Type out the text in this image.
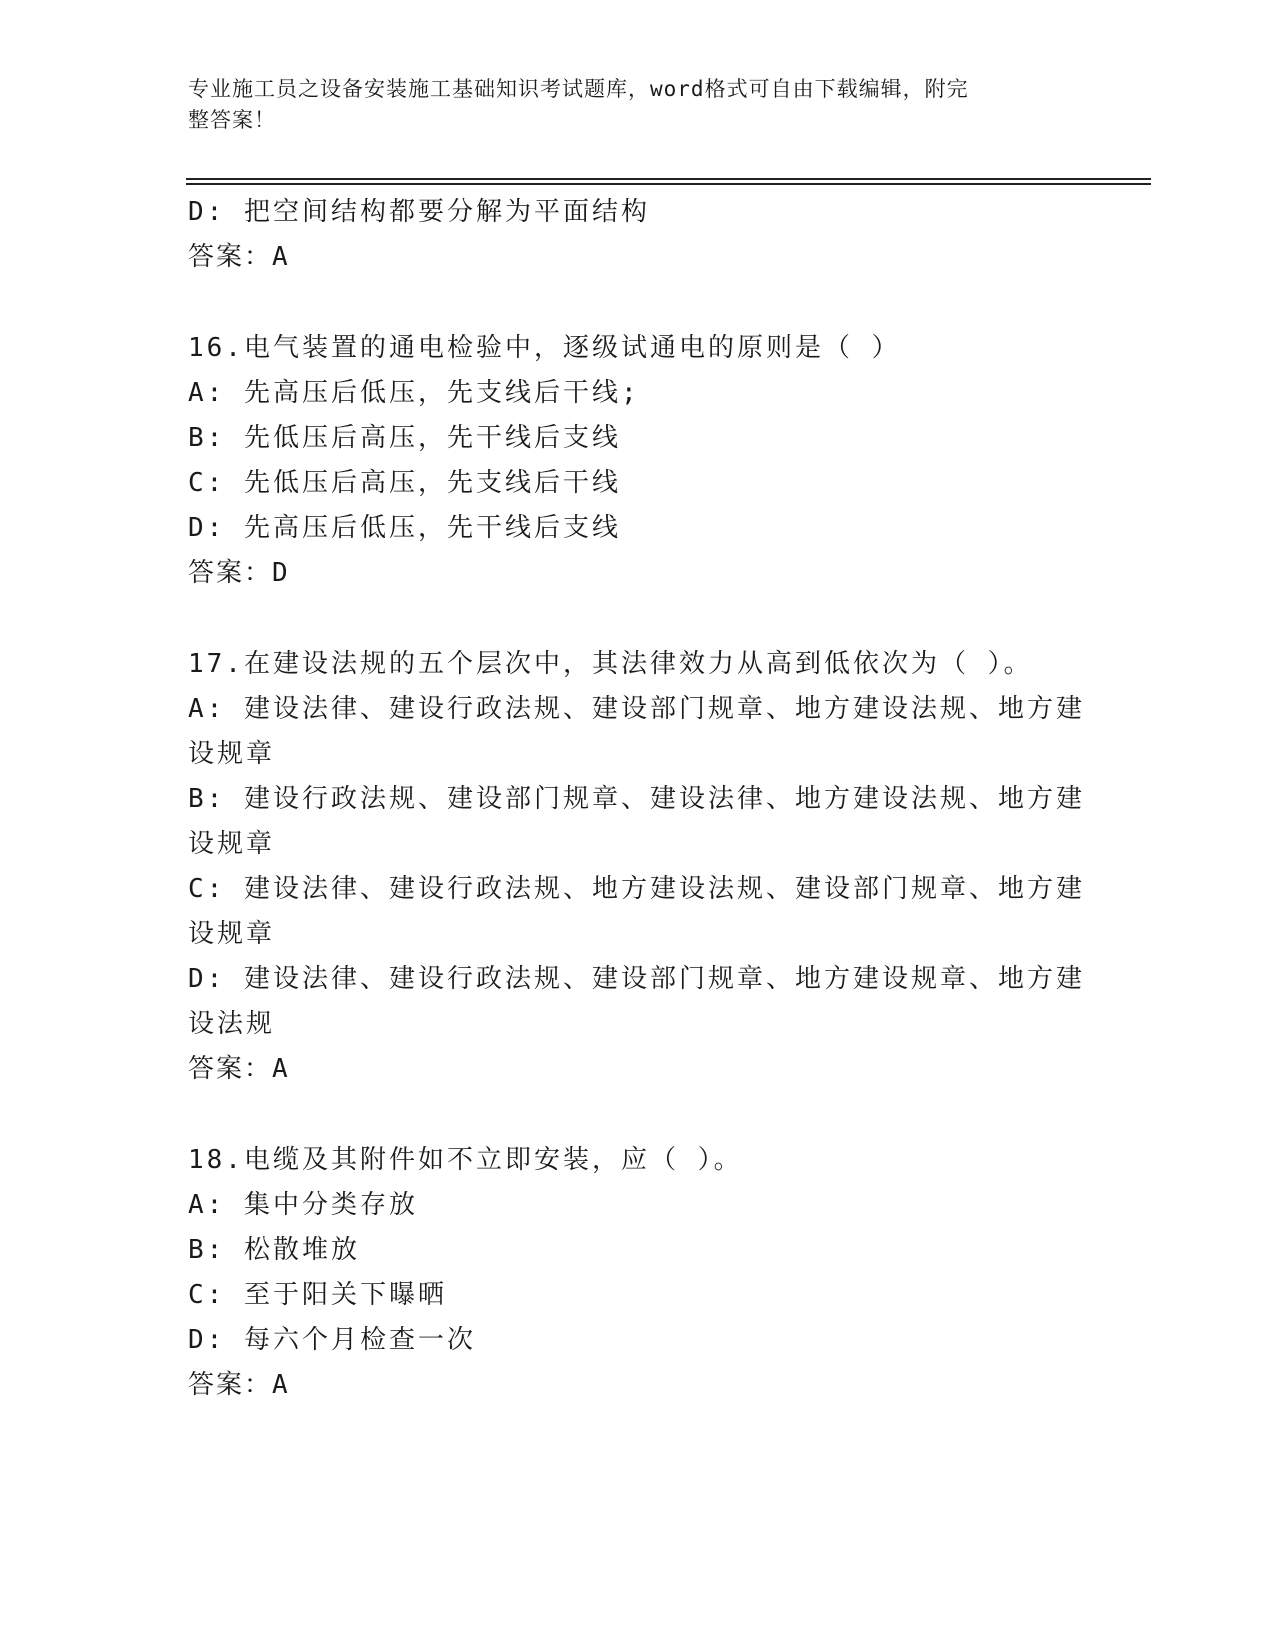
专业施工员之设备安装施工基础知识考试题库，word格式可自由下载编辑，附完
整答案！
D: 把空间结构都要分解为平面结构
答案：A
16.电气装置的通电检验中，逐级试通电的原则是（ ）
A: 先高压后低压，先支线后干线;
B: 先低压后高压，先干线后支线
C: 先低压后高压，先支线后干线
D: 先高压后低压，先干线后支线
答案：D
17.在建设法规的五个层次中，其法律效力从高到低依次为（ ）。
A: 建设法律、建设行政法规、建设部门规章、地方建设法规、地方建设规章
B: 建设行政法规、建设部门规章、建设法律、地方建设法规、地方建设规章
C: 建设法律、建设行政法规、地方建设法规、建设部门规章、地方建设规章
D: 建设法律、建设行政法规、建设部门规章、地方建设规章、地方建设法规
答案：A
18.电缆及其附件如不立即安装，应（ ）。
A: 集中分类存放
B: 松散堆放
C: 至于阳关下曝晒
D: 每六个月检查一次
答案：A
